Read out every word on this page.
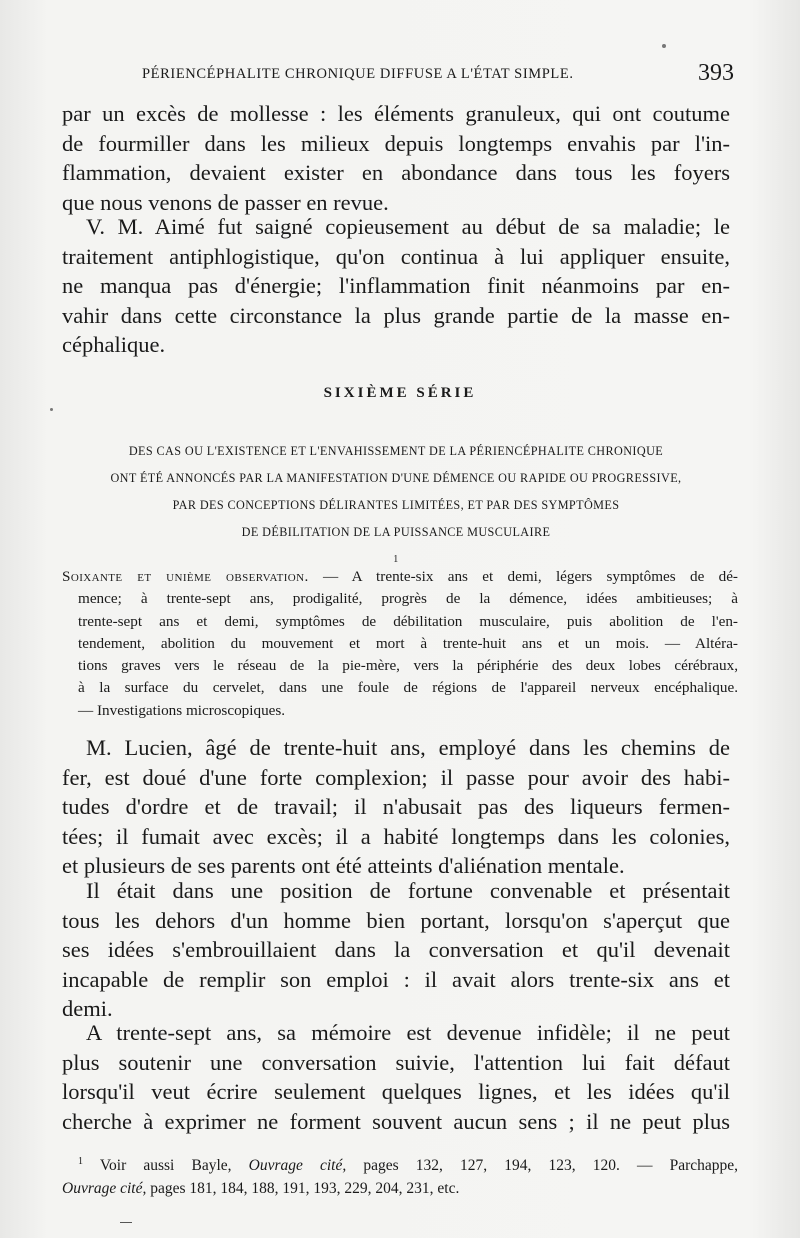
PÉRIENCÉPHALITE CHRONIQUE DIFFUSE A L'ÉTAT SIMPLE.	393
par un excès de mollesse : les éléments granuleux, qui ont coutume
de fourmiller dans les milieux depuis longtemps envahis par l'in-
flammation, devaient exister en abondance dans tous les foyers
que nous venons de passer en revue.
V. M. Aimé fut saigné copieusement au début de sa maladie; le
traitement antiphlogistique, qu'on continua à lui appliquer ensuite,
ne manqua pas d'énergie; l'inflammation finit néanmoins par en-
vahir dans cette circonstance la plus grande partie de la masse en-
céphalique.
SIXIÈME SÉRIE
DES CAS OU L'EXISTENCE ET L'ENVAHISSEMENT DE LA PÉRIENCÉPHALITE CHRONIQUE
ONT ÉTÉ ANNONCÉS PAR LA MANIFESTATION D'UNE DÉMENCE OU RAPIDE OU PROGRESSIVE,
PAR DES CONCEPTIONS DÉLIRANTES LIMITÉES, ET PAR DES SYMPTÔMES
DE DÉBILITATION DE LA PUISSANCE MUSCULAIRE
$^1$
Soixante et unième observation. — A trente-six ans et demi, légers symptômes de dé-
mence; à trente-sept ans, prodigalité, progrès de la démence, idées ambitieuses; à
trente-sept ans et demi, symptômes de débilitation musculaire, puis abolition de l'en-
tendement, abolition du mouvement et mort à trente-huit ans et un mois. — Altéra-
tions graves vers le réseau de la pie-mère, vers la périphérie des deux lobes cérébraux,
à la surface du cervelet, dans une foule de régions de l'appareil nerveux encéphalique.
— Investigations microscopiques.
M. Lucien, âgé de trente-huit ans, employé dans les chemins de
fer, est doué d'une forte complexion; il passe pour avoir des habi-
tudes d'ordre et de travail; il n'abusait pas des liqueurs fermen-
tées; il fumait avec excès; il a habité longtemps dans les colonies,
et plusieurs de ses parents ont été atteints d'aliénation mentale.
Il était dans une position de fortune convenable et présentait
tous les dehors d'un homme bien portant, lorsqu'on s'aperçut que
ses idées s'embrouillaient dans la conversation et qu'il devenait
incapable de remplir son emploi : il avait alors trente-six ans et
demi.
A trente-sept ans, sa mémoire est devenue infidèle; il ne peut
plus soutenir une conversation suivie, l'attention lui fait défaut
lorsqu'il veut écrire seulement quelques lignes, et les idées qu'il
cherche à exprimer ne forment souvent aucun sens ; il ne peut plus
$^1$ Voir aussi Bayle, Ouvrage cité, pages 132, 127, 194, 123, 120. — Parchappe,
Ouvrage cité, pages 181, 184, 188, 191, 193, 229, 204, 231, etc.
